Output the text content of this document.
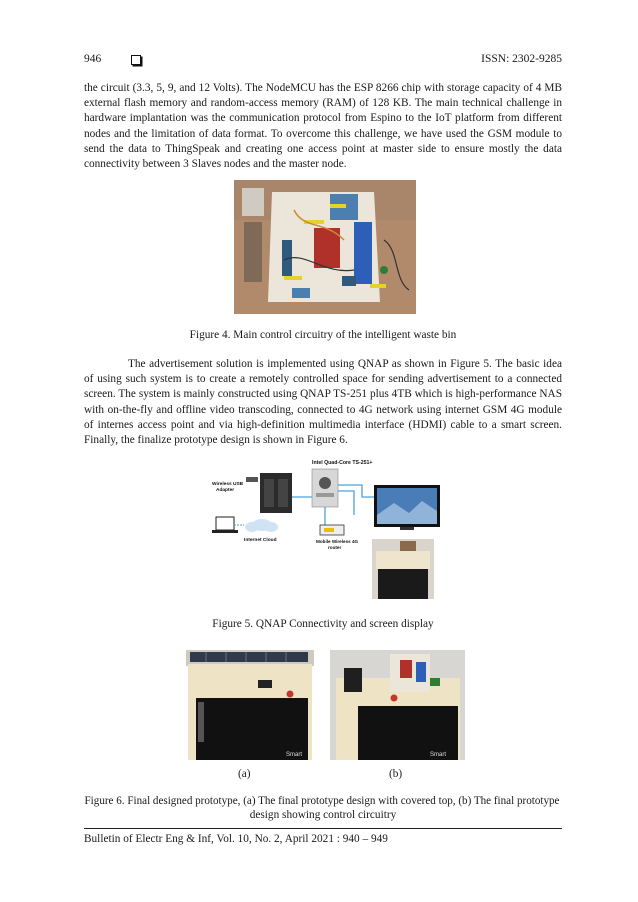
946	ISSN: 2302-9285

the circuit (3.3, 5, 9, and 12 Volts). The NodeMCU has the ESP 8266 chip with storage capacity of 4 MB external flash memory and random-access memory (RAM) of 128 KB. The main technical challenge in hardware implantation was the communication protocol from Espino to the IoT platform from different nodes and the limitation of data format. To overcome this challenge, we have used the GSM module to send the data to ThingSpeak and creating one access point at master side to ensure mostly the data connectivity between 3 Slaves nodes and the master node.

Figure 4. Main control circuitry of the intelligent waste bin

The advertisement solution is implemented using QNAP as shown in Figure 5. The basic idea of using such system is to create a remotely controlled space for sending advertisement to a connected screen. The system is mainly constructed using QNAP TS-251 plus 4TB which is high-performance NAS with on-the-fly and offline video transcoding, connected to 4G network using internet GSM 4G module of internes access point and via high-definition multimedia interface (HDMI) cable to a smart screen. Finally, the finalize prototype design is shown in Figure 6.

Intel Quad-Core TS-251+
Wireless USB
Adapter
Internet Cloud	Mobile Wireless 4G
router
Figure 5. QNAP Connectivity and screen display
Smart	Smart
(a)	(b)
Figure 6. Final designed prototype, (a) The final prototype design with covered top, (b) The final prototype
design showing control circuitry
Bulletin of Electr Eng & Inf, Vol. 10, No. 2, April 2021 : 940 – 949
